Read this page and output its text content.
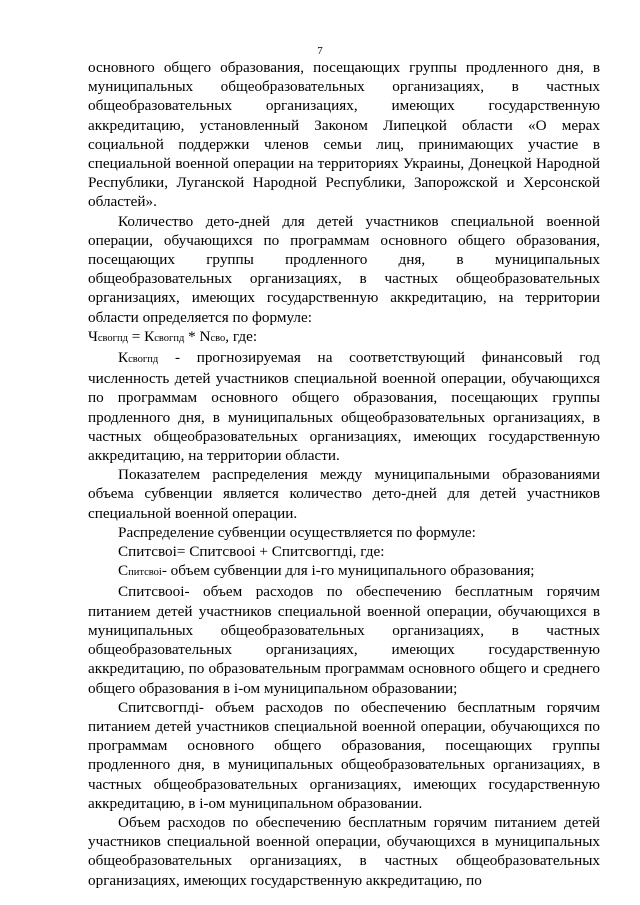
7

основного общего образования, посещающих группы продленного дня, в муниципальных общеобразовательных организациях, в частных общеобразовательных организациях, имеющих государственную аккредитацию, установленный Законом Липецкой области «О мерах социальной поддержки членов семьи лиц, принимающих участие в специальной военной операции на территориях Украины, Донецкой Народной Республики, Луганской Народной Республики, Запорожской и Херсонской областей».

Количество дето-дней для детей участников специальной военной операции, обучающихся по программам основного общего образования, посещающих группы продленного дня, в муниципальных общеобразовательных организациях, в частных общеобразовательных организациях, имеющих государственную аккредитацию, на территории области определяется по формуле:

Чсвогпд = Ксвогпд * Nсво, где:

Ксвогпд - прогнозируемая на соответствующий финансовый год численность детей участников специальной военной операции, обучающихся по программам основного общего образования, посещающих группы продленного дня, в муниципальных общеобразовательных организациях, в частных общеобразовательных организациях, имеющих государственную аккредитацию, на территории области.

Показателем распределения между муниципальными образованиями объема субвенции является количество дето-дней для детей участников специальной военной операции.

Распределение субвенции осуществляется по формуле:

Спитсвоi= Спитсвооi + Спитсвогпдi, где:

Спитсвоi- объем субвенции для i-го муниципального образования;

Спитсвооi- объем расходов по обеспечению бесплатным горячим питанием детей участников специальной военной операции, обучающихся в муниципальных общеобразовательных организациях, в частных общеобразовательных организациях, имеющих государственную аккредитацию, по образовательным программам основного общего и среднего общего образования в i-ом муниципальном образовании;

Спитсвогпдi- объем расходов по обеспечению бесплатным горячим питанием детей участников специальной военной операции, обучающихся по программам основного общего образования, посещающих группы продленного дня, в муниципальных общеобразовательных организациях, в частных общеобразовательных организациях, имеющих государственную аккредитацию, в i-ом муниципальном образовании.

Объем расходов по обеспечению бесплатным горячим питанием детей участников специальной военной операции, обучающихся в муниципальных общеобразовательных организациях, в частных общеобразовательных организациях, имеющих государственную аккредитацию, по
